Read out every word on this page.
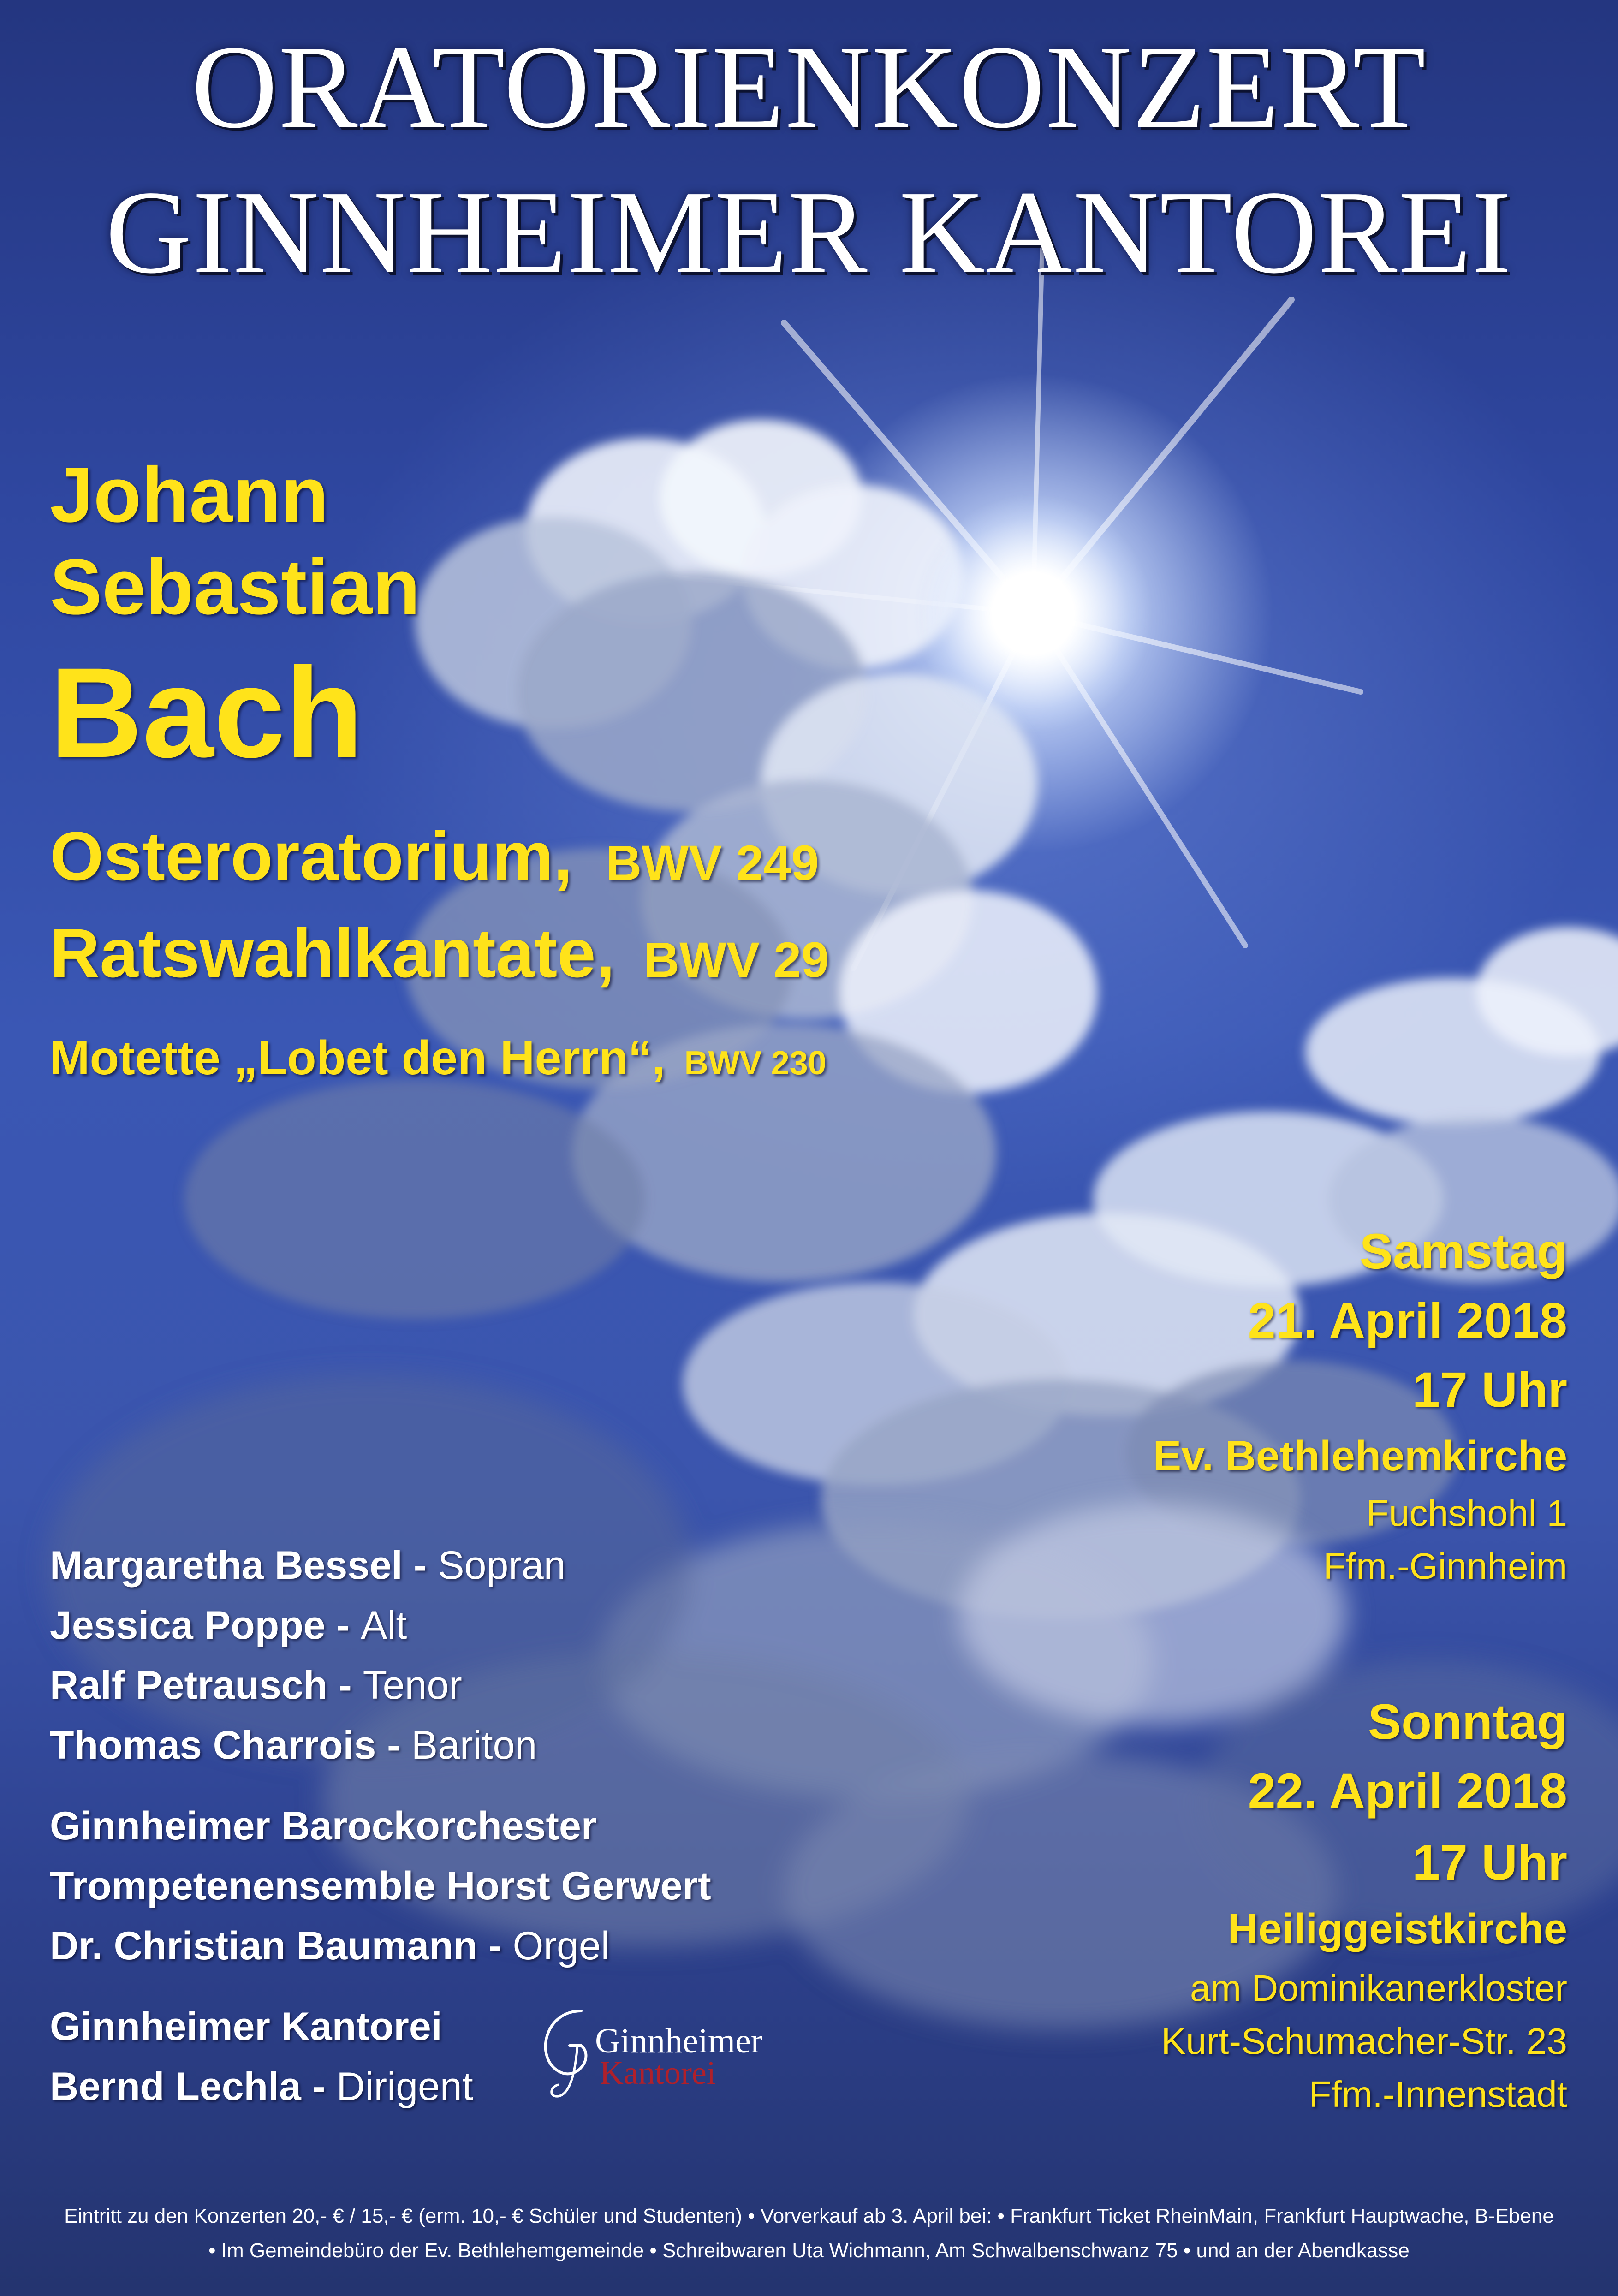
ORATORIENKONZERT
GINNHEIMER KANTOREI
Johann
Sebastian
Bach
Osteroratorium, BWV 249
Ratswahlkantate, BWV 29
Motette „Lobet den Herrn“, BWV 230
Samstag
21. April 2018
17 Uhr
Ev. Bethlehemkirche
Fuchshohl 1
Ffm.-Ginnheim
Sonntag
22. April 2018
17 Uhr
Heiliggeistkirche
am Dominikanerkloster
Kurt-Schumacher-Str. 23
Ffm.-Innenstadt
Margaretha Bessel - Sopran
Jessica Poppe - Alt
Ralf Petrausch - Tenor
Thomas Charrois - Bariton
Ginnheimer Barockorchester
Trompetenensemble Horst Gerwert
Dr. Christian Baumann - Orgel
Ginnheimer Kantorei
Bernd Lechla - Dirigent
Ginnheimer
Kantorei
Eintritt zu den Konzerten 20,- € / 15,- € (erm. 10,- € Schüler und Studenten) • Vorverkauf ab 3. April bei: • Frankfurt Ticket RheinMain, Frankfurt Hauptwache, B-Ebene
• Im Gemeindebüro der Ev. Bethlehemgemeinde • Schreibwaren Uta Wichmann, Am Schwalbenschwanz 75 • und an der Abendkasse
